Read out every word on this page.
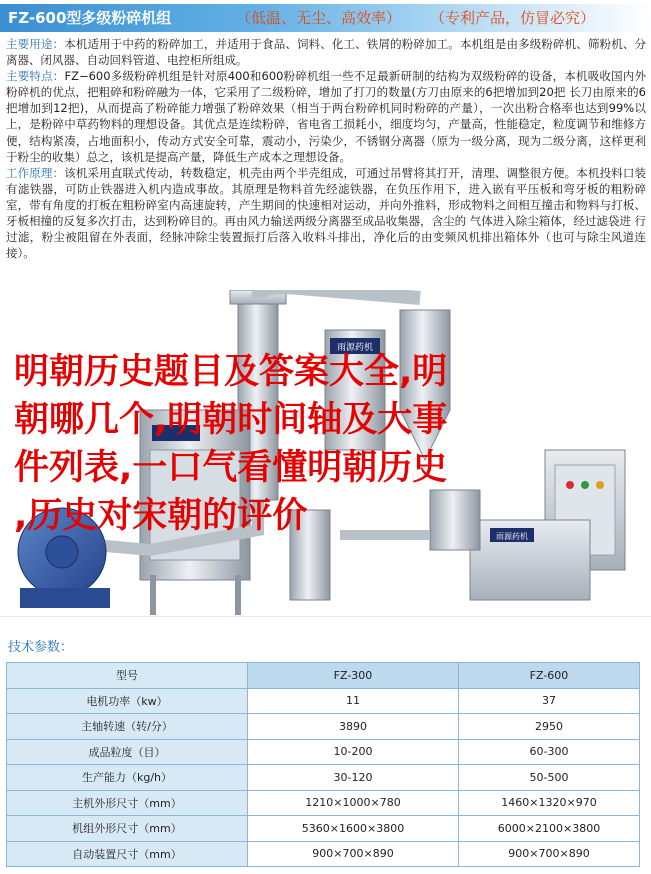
FZ-600型多级粉碎机组	（低温、无尘、高效率） （专利产品，仿冒必究）

主要用途：本机适用于中药的粉碎加工，并适用于食品、饲料、化工、铁屑的粉碎加工。本机组是由多级粉碎机、筛粉机、分离器、闭风器、自动回料管道、电控柜所组成。

主要特点：FZ−600多级粉碎机组是针对原400和600粉碎机组一些不足最新研制的结构为双级粉碎的设备，本机吸收国内外粉碎机的优点，把粗碎和粉碎融为一体，它采用了二级粉碎，增加了打刀的数量(方刀由原来的6把增加到20把 长刀由原来的6把增加到12把)，从而提高了粉碎能力增强了粉碎效果（相当于两台粉碎机同时粉碎的产量），一次出粉合格率也达到99%以上，是粉碎中草药物料的理想设备。其优点是连续粉碎，省电省工损耗小，细度均匀，产量高，性能稳定，粒度调节和维修方便，结构紧凑，占地面积小，传动方式安全可靠，震动小，污染少，不锈钢分离器（原为一级分离，现为二级分离，这样更利于粉尘的收集）总之，该机是提高产量，降低生产成本之理想设备。

工作原理：该机采用直联式传动，转数稳定，机壳由两个半壳组成，可通过吊臂将其打开，清理、调整很方便。本机投料口装有滤铁器，可防止铁器进入机内造成事故。其原理是物料首先经滤铁器，在负压作用下，进入嵌有平压板和弯牙板的粗粉碎室，带有角度的打板在粗粉碎室内高速旋转，产生期间的快速相对运动，并向外推料，形成物料之间相互撞击和物料与打板、牙板相撞的反复多次打击，达到粉碎目的。再由风力输送两级分离器至成品收集器，含尘的 气体进入除尘箱体，经过滤袋进 行过滤，粉尘被阻留在外表面，经脉冲除尘装置振打后落入收料斗排出，净化后的由变频风机排出箱体外（也可与除尘风道连接）。

雨源药机
雨源药机
明朝历史题目及答案大全,明
朝哪几个,明朝时间轴及大事
件列表,一口气看懂明朝历史
,历史对宋朝的评价
技术参数：
型号	FZ-300	FZ-600
电机功率（kw）	11	37
主轴转速（转/分）	3890	2950
成品粒度（目）	10-200	60-300
生产能力（kg/h）	30-120	50-500
主机外形尺寸（mm）	1210×1000×780	1460×1320×970
机组外形尺寸（mm）	5360×1600×3800	6000×2100×3800
自动装置尺寸（mm）	900×700×890	900×700×890
